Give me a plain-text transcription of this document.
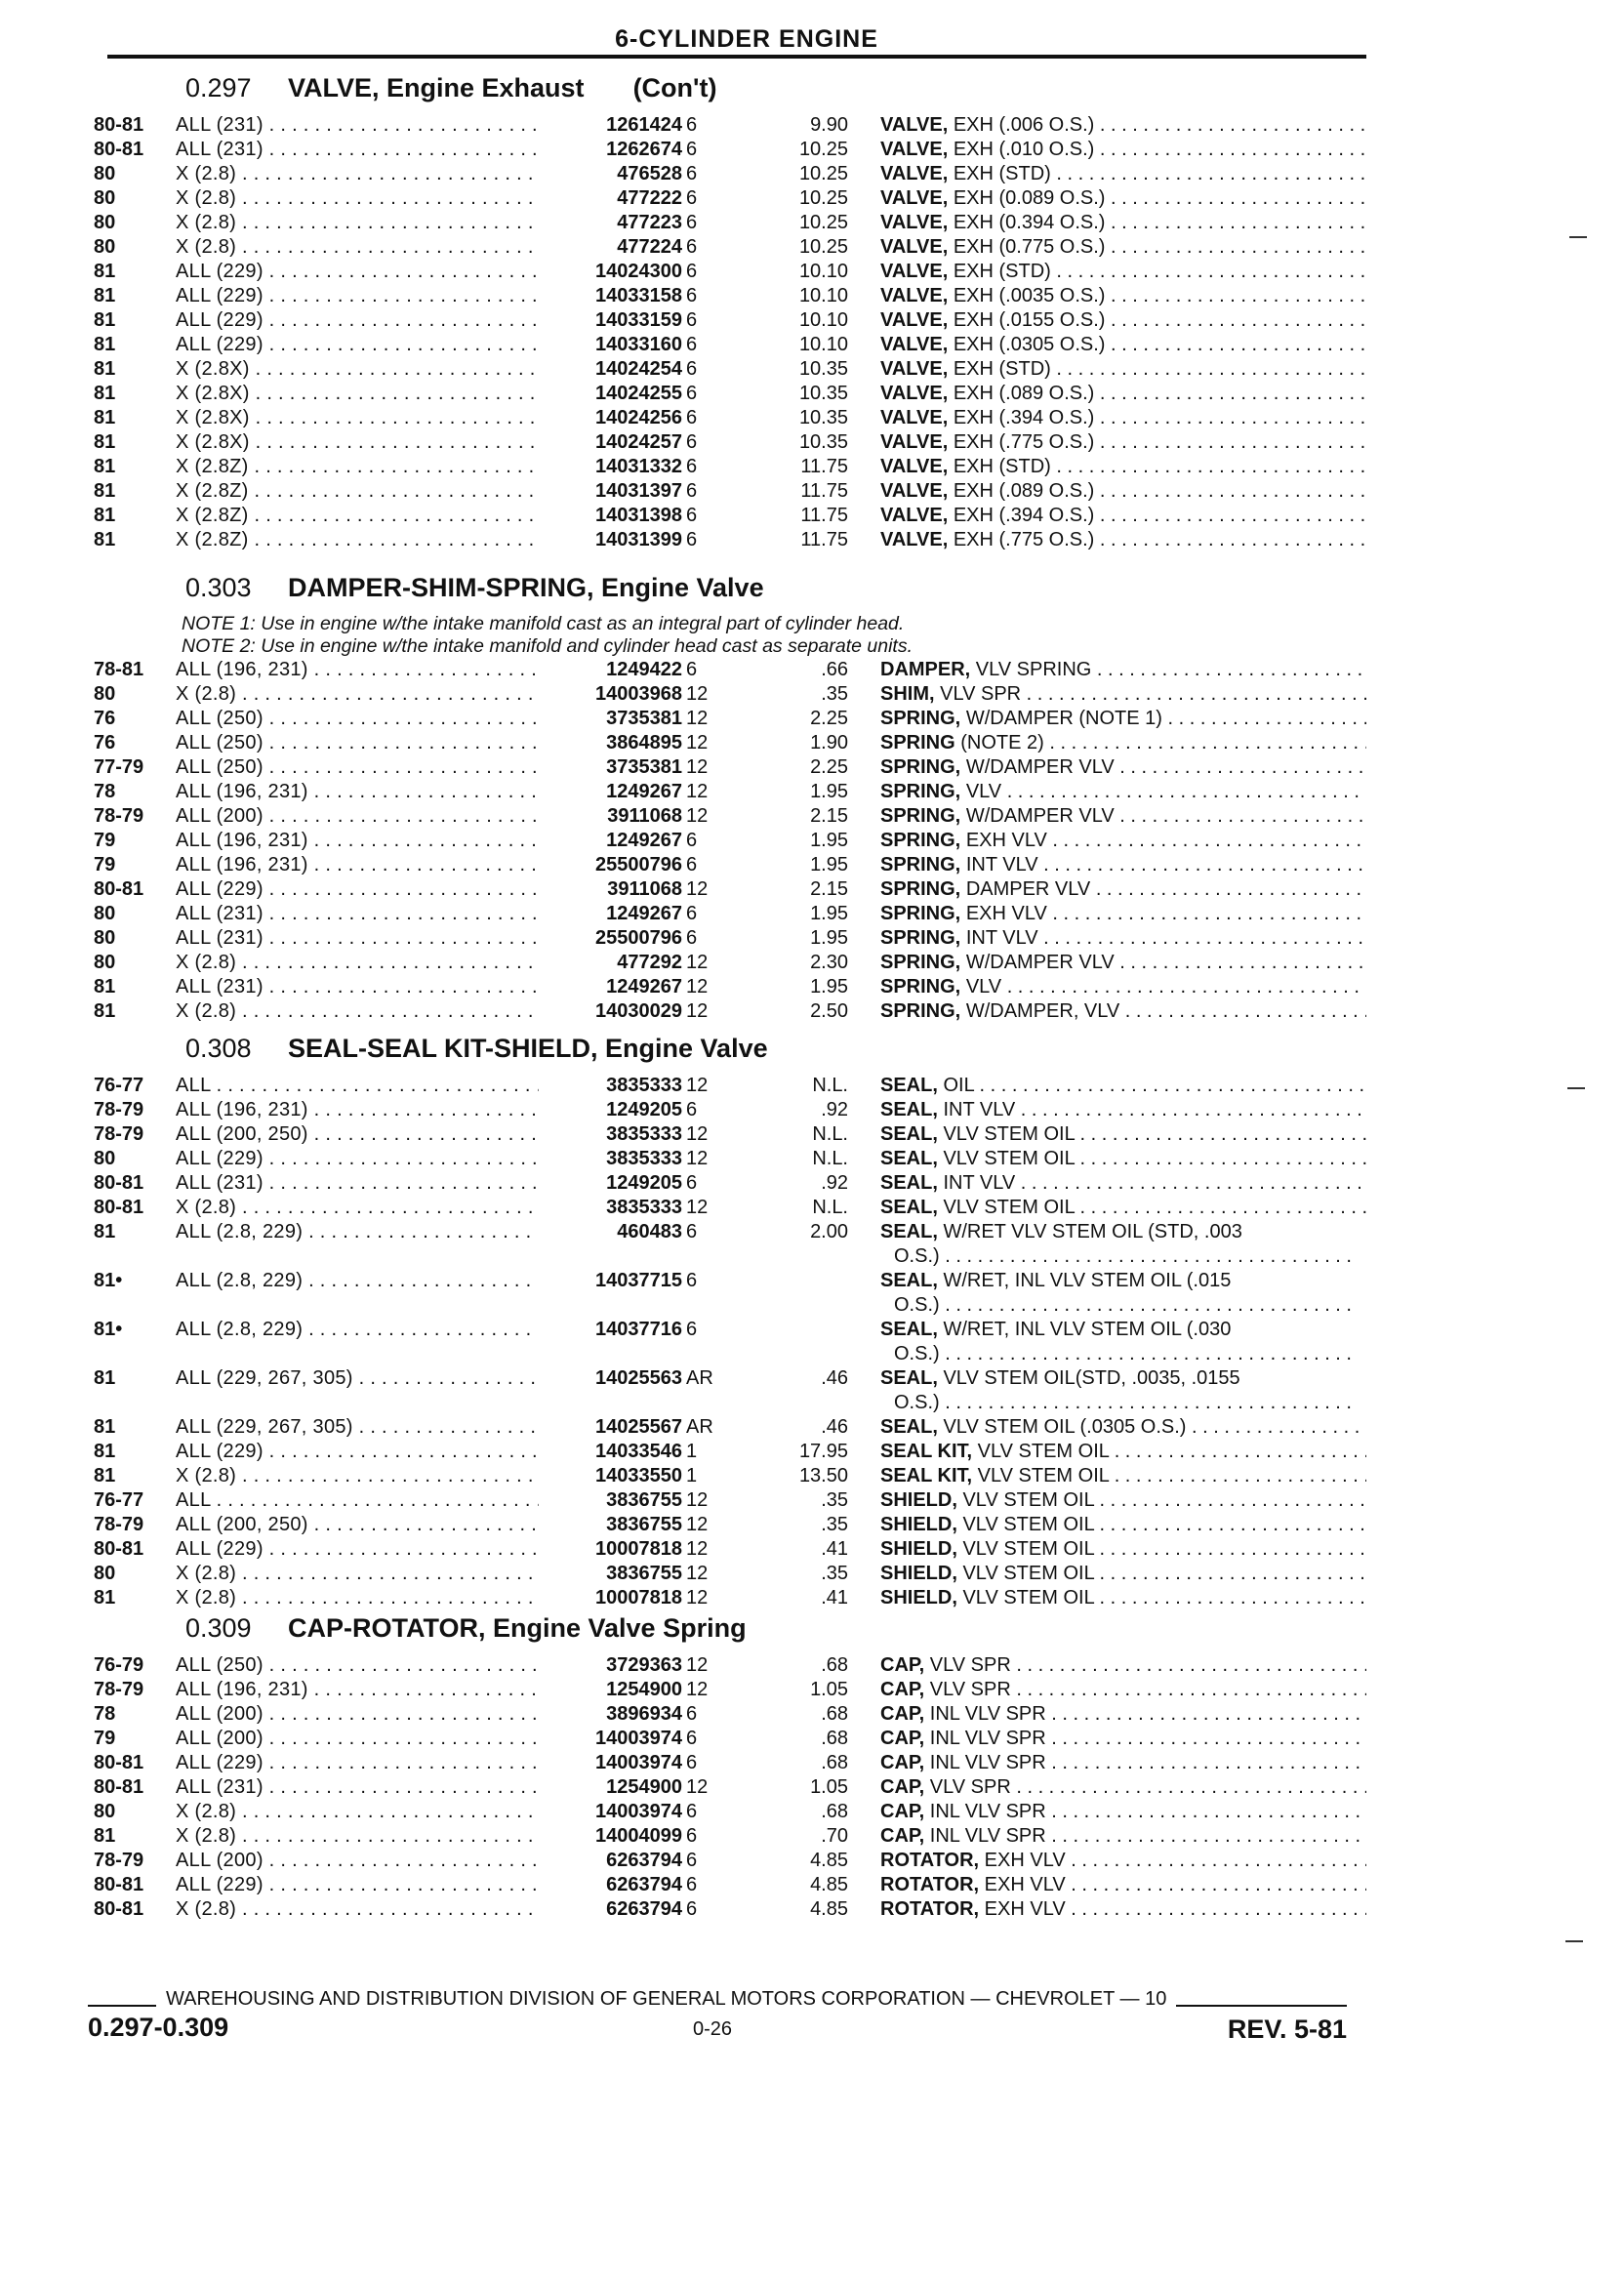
6-CYLINDER ENGINE
0.297 VALVE, Engine Exhaust (Con't)
80-81 ALL (231) . . .	1261424 6	9.90 VALVE, EXH (.006 O.S.) . . .
80-81 ALL (231) . . .	1262674 6	10.25 VALVE, EXH (.010 O.S.) . . .
80	X (2.8) . . .	476528 6	10.25 VALVE, EXH (STD) . . .
80	X (2.8) . . .	477222 6	10.25 VALVE, EXH (0.089 O.S.) . . .
80	X (2.8) . . .	477223 6	10.25 VALVE, EXH (0.394 O.S.) . . .
80	X (2.8) . . .	477224 6	10.25 VALVE, EXH (0.775 O.S.) . . .
81	ALL (229) . . .	14024300 6	10.10 VALVE, EXH (STD) . . .
81	ALL (229) . . .	14033158 6	10.10 VALVE, EXH (.0035 O.S.) . . .
81	ALL (229) . . .	14033159 6	10.10 VALVE, EXH (.0155 O.S.) . . .
81	ALL (229) . . .	14033160 6	10.10 VALVE, EXH (.0305 O.S.) . . .
81	X (2.8X) . . .	14024254 6	10.35 VALVE, EXH (STD) . . .
81	X (2.8X) . . .	14024255 6	10.35 VALVE, EXH (.089 O.S.) . . .
81	X (2.8X) . . .	14024256 6	10.35 VALVE, EXH (.394 O.S.) . . .
81	X (2.8X) . . .	14024257 6	10.35 VALVE, EXH (.775 O.S.) . . .
81	X (2.8Z) . . .	14031332 6	11.75 VALVE, EXH (STD) . . .
81	X (2.8Z) . . .	14031397 6	11.75 VALVE, EXH (.089 O.S.) . . .
81	X (2.8Z) . . .	14031398 6	11.75 VALVE, EXH (.394 O.S.) . . .
81	X (2.8Z) . . .	14031399 6	11.75 VALVE, EXH (.775 O.S.) . . .
0.303 DAMPER-SHIM-SPRING, Engine Valve
NOTE 1: Use in engine w/the intake manifold cast as an integral part of cylinder head.
NOTE 2: Use in engine w/the intake manifold and cylinder head cast as separate units.
78-81 ALL (196, 231) . . .	1249422 6	.66 DAMPER, VLV SPRING . . .
80	X (2.8) . . .	14003968 12	.35 SHIM, VLV SPR . . .
76	ALL (250) . . .	3735381 12	2.25 SPRING, W/DAMPER (NOTE 1) . . .
76	ALL (250) . . .	3864895 12	1.90 SPRING (NOTE 2) . . .
77-79 ALL (250) . . .	3735381 12	2.25 SPRING, W/DAMPER VLV . . .
78	ALL (196, 231) . . .	1249267 12	1.95 SPRING, VLV . . .
78-79 ALL (200) . . .	3911068 12	2.15 SPRING, W/DAMPER VLV . . .
79	ALL (196, 231) . . .	1249267 6	1.95 SPRING, EXH VLV . . .
79	ALL (196, 231) . . .	25500796 6	1.95 SPRING, INT VLV . . .
80-81 ALL (229) . . .	3911068 12	2.15 SPRING, DAMPER VLV . . .
80	ALL (231) . . .	1249267 6	1.95 SPRING, EXH VLV . . .
80	ALL (231) . . .	25500796 6	1.95 SPRING, INT VLV . . .
80	X (2.8) . . .	477292 12	2.30 SPRING, W/DAMPER VLV . . .
81	ALL (231) . . .	1249267 12	1.95 SPRING, VLV . . .
81	X (2.8) . . .	14030029 12	2.50 SPRING, W/DAMPER, VLV . . .
0.308 SEAL-SEAL KIT-SHIELD, Engine Valve
76-77 ALL . . .	3835333 12	N.L. SEAL, OIL . . .
78-79 ALL (196, 231) . . .	1249205 6	.92 SEAL, INT VLV . . .
78-79 ALL (200, 250) . . .	3835333 12	N.L. SEAL, VLV STEM OIL . . .
80	ALL (229) . . .	3835333 12	N.L. SEAL, VLV STEM OIL . . .
80-81 ALL (231) . . .	1249205 6	.92 SEAL, INT VLV . . .
80-81 X (2.8) . . .	3835333 12	N.L. SEAL, VLV STEM OIL . . .
81	ALL (2.8, 229) . . .	460483 6	2.00 SEAL, W/RET VLV STEM OIL (STD, .003
O.S.) . . .
81•	ALL (2.8, 229) . . .	14037715 6	SEAL, W/RET, INL VLV STEM OIL (.015
O.S.) . . .
81•	ALL (2.8, 229) . . .	14037716 6	SEAL, W/RET, INL VLV STEM OIL (.030
O.S.) . . .
81	ALL (229, 267, 305) . . .	14025563 AR	.46 SEAL, VLV STEM OIL(STD, .0035, .0155
O.S.) . . .
81	ALL (229, 267, 305) . . .	14025567 AR	.46 SEAL, VLV STEM OIL (.0305 O.S.) . . .
81	ALL (229) . . .	14033546 1	17.95 SEAL KIT, VLV STEM OIL . . .
81	X (2.8) . . .	14033550 1	13.50 SEAL KIT, VLV STEM OIL . . .
76-77 ALL . . .	3836755 12	.35 SHIELD, VLV STEM OIL . . .
78-79 ALL (200, 250) . . .	3836755 12	.35 SHIELD, VLV STEM OIL . . .
80-81 ALL (229) . . .	10007818 12	.41 SHIELD, VLV STEM OIL . . .
80	X (2.8) . . .	3836755 12	.35 SHIELD, VLV STEM OIL . . .
81	X (2.8) . . .	10007818 12	.41 SHIELD, VLV STEM OIL . . .
0.309 CAP-ROTATOR, Engine Valve Spring
76-79 ALL (250) . . .	3729363 12	.68 CAP, VLV SPR . . .
78-79 ALL (196, 231) . . .	1254900 12	1.05 CAP, VLV SPR . . .
78	ALL (200) . . .	3896934 6	.68 CAP, INL VLV SPR . . .
79	ALL (200) . . .	14003974 6	.68 CAP, INL VLV SPR . . .
80-81 ALL (229) . . .	14003974 6	.68 CAP, INL VLV SPR . . .
80-81 ALL (231) . . .	1254900 12	1.05 CAP, VLV SPR . . .
80	X (2.8) . . .	14003974 6	.68 CAP, INL VLV SPR . . .
81	X (2.8) . . .	14004099 6	.70 CAP, INL VLV SPR . . .
78-79 ALL (200) . . .	6263794 6	4.85 ROTATOR, EXH VLV . . .
80-81 ALL (229) . . .	6263794 6	4.85 ROTATOR, EXH VLV . . .
80-81 X (2.8) . . .	6263794 6	4.85 ROTATOR, EXH VLV . . .
WAREHOUSING AND DISTRIBUTION DIVISION OF GENERAL MOTORS CORPORATION — CHEVROLET — 10
0.297-0.309	0-26	REV. 5-81
